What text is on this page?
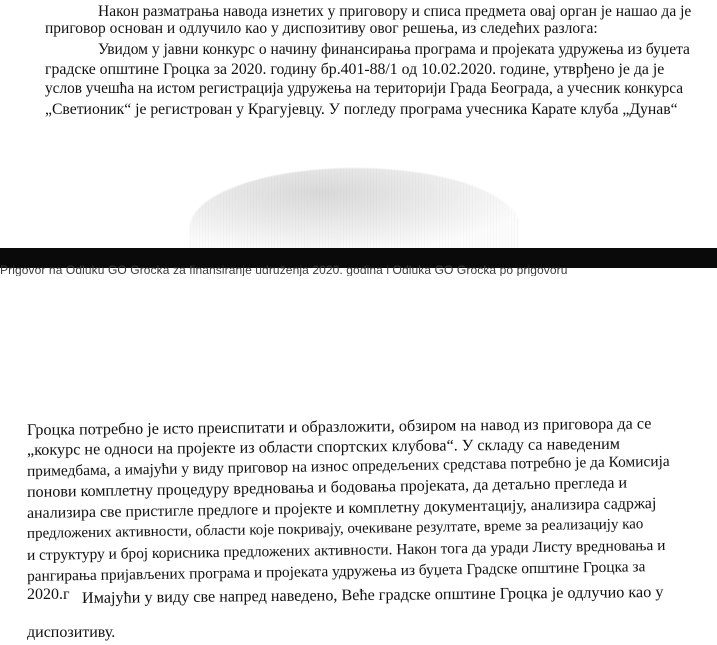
Након разматрања навода изнетих у приговору и списа предмета овај орган је нашао да је
приговор основан и одлучило као у диспозитиву овог решења, из следећих разлога:
Увидом у јавни конкурс о начину финансирања програма и пројеката удружења из буџета
градске општине Гроцка за 2020. годину бр.401-88/1 од 10.02.2020. године, утврђено је да је
услов учешћа на истом регистрација удружења на територији Града Београда, а учесник конкурса
„Светионик“ је регистрован у Крагујевцу. У погледу програма учесника Карате клуба „Дунав“
Prigovor na Odluku GO Grocka za finansiranje udruženja 2020. godina i Odluka GO Grocka po prigovoru
Гроцка потребно је исто преиспитати и образложити, обзиром на навод из приговора да се
„кокурс не односи на пројекте из области спортских клубова“. У складу са наведеним
примедбама, а имајући у виду приговор на износ опредељених средстава потребно је да Комисија
понови комплетну процедуру вредновања и бодовања пројеката, да детаљно прегледа и
анализира све пристигле предлоге и пројекте и комплетну документацију, анализира садржај
предложених активности, области које покривају, очекиване резултате, време за реализацију као
и структуру и број корисника предложених активности. Након тога да уради Листу вредновања и
рангирања пријављених програма и пројеката удружења из буџета Градске општине Гроцка за
2020.г Имајући у виду све напред наведено, Веће градске општине Гроцка је одлучио као у
диспозитиву.
